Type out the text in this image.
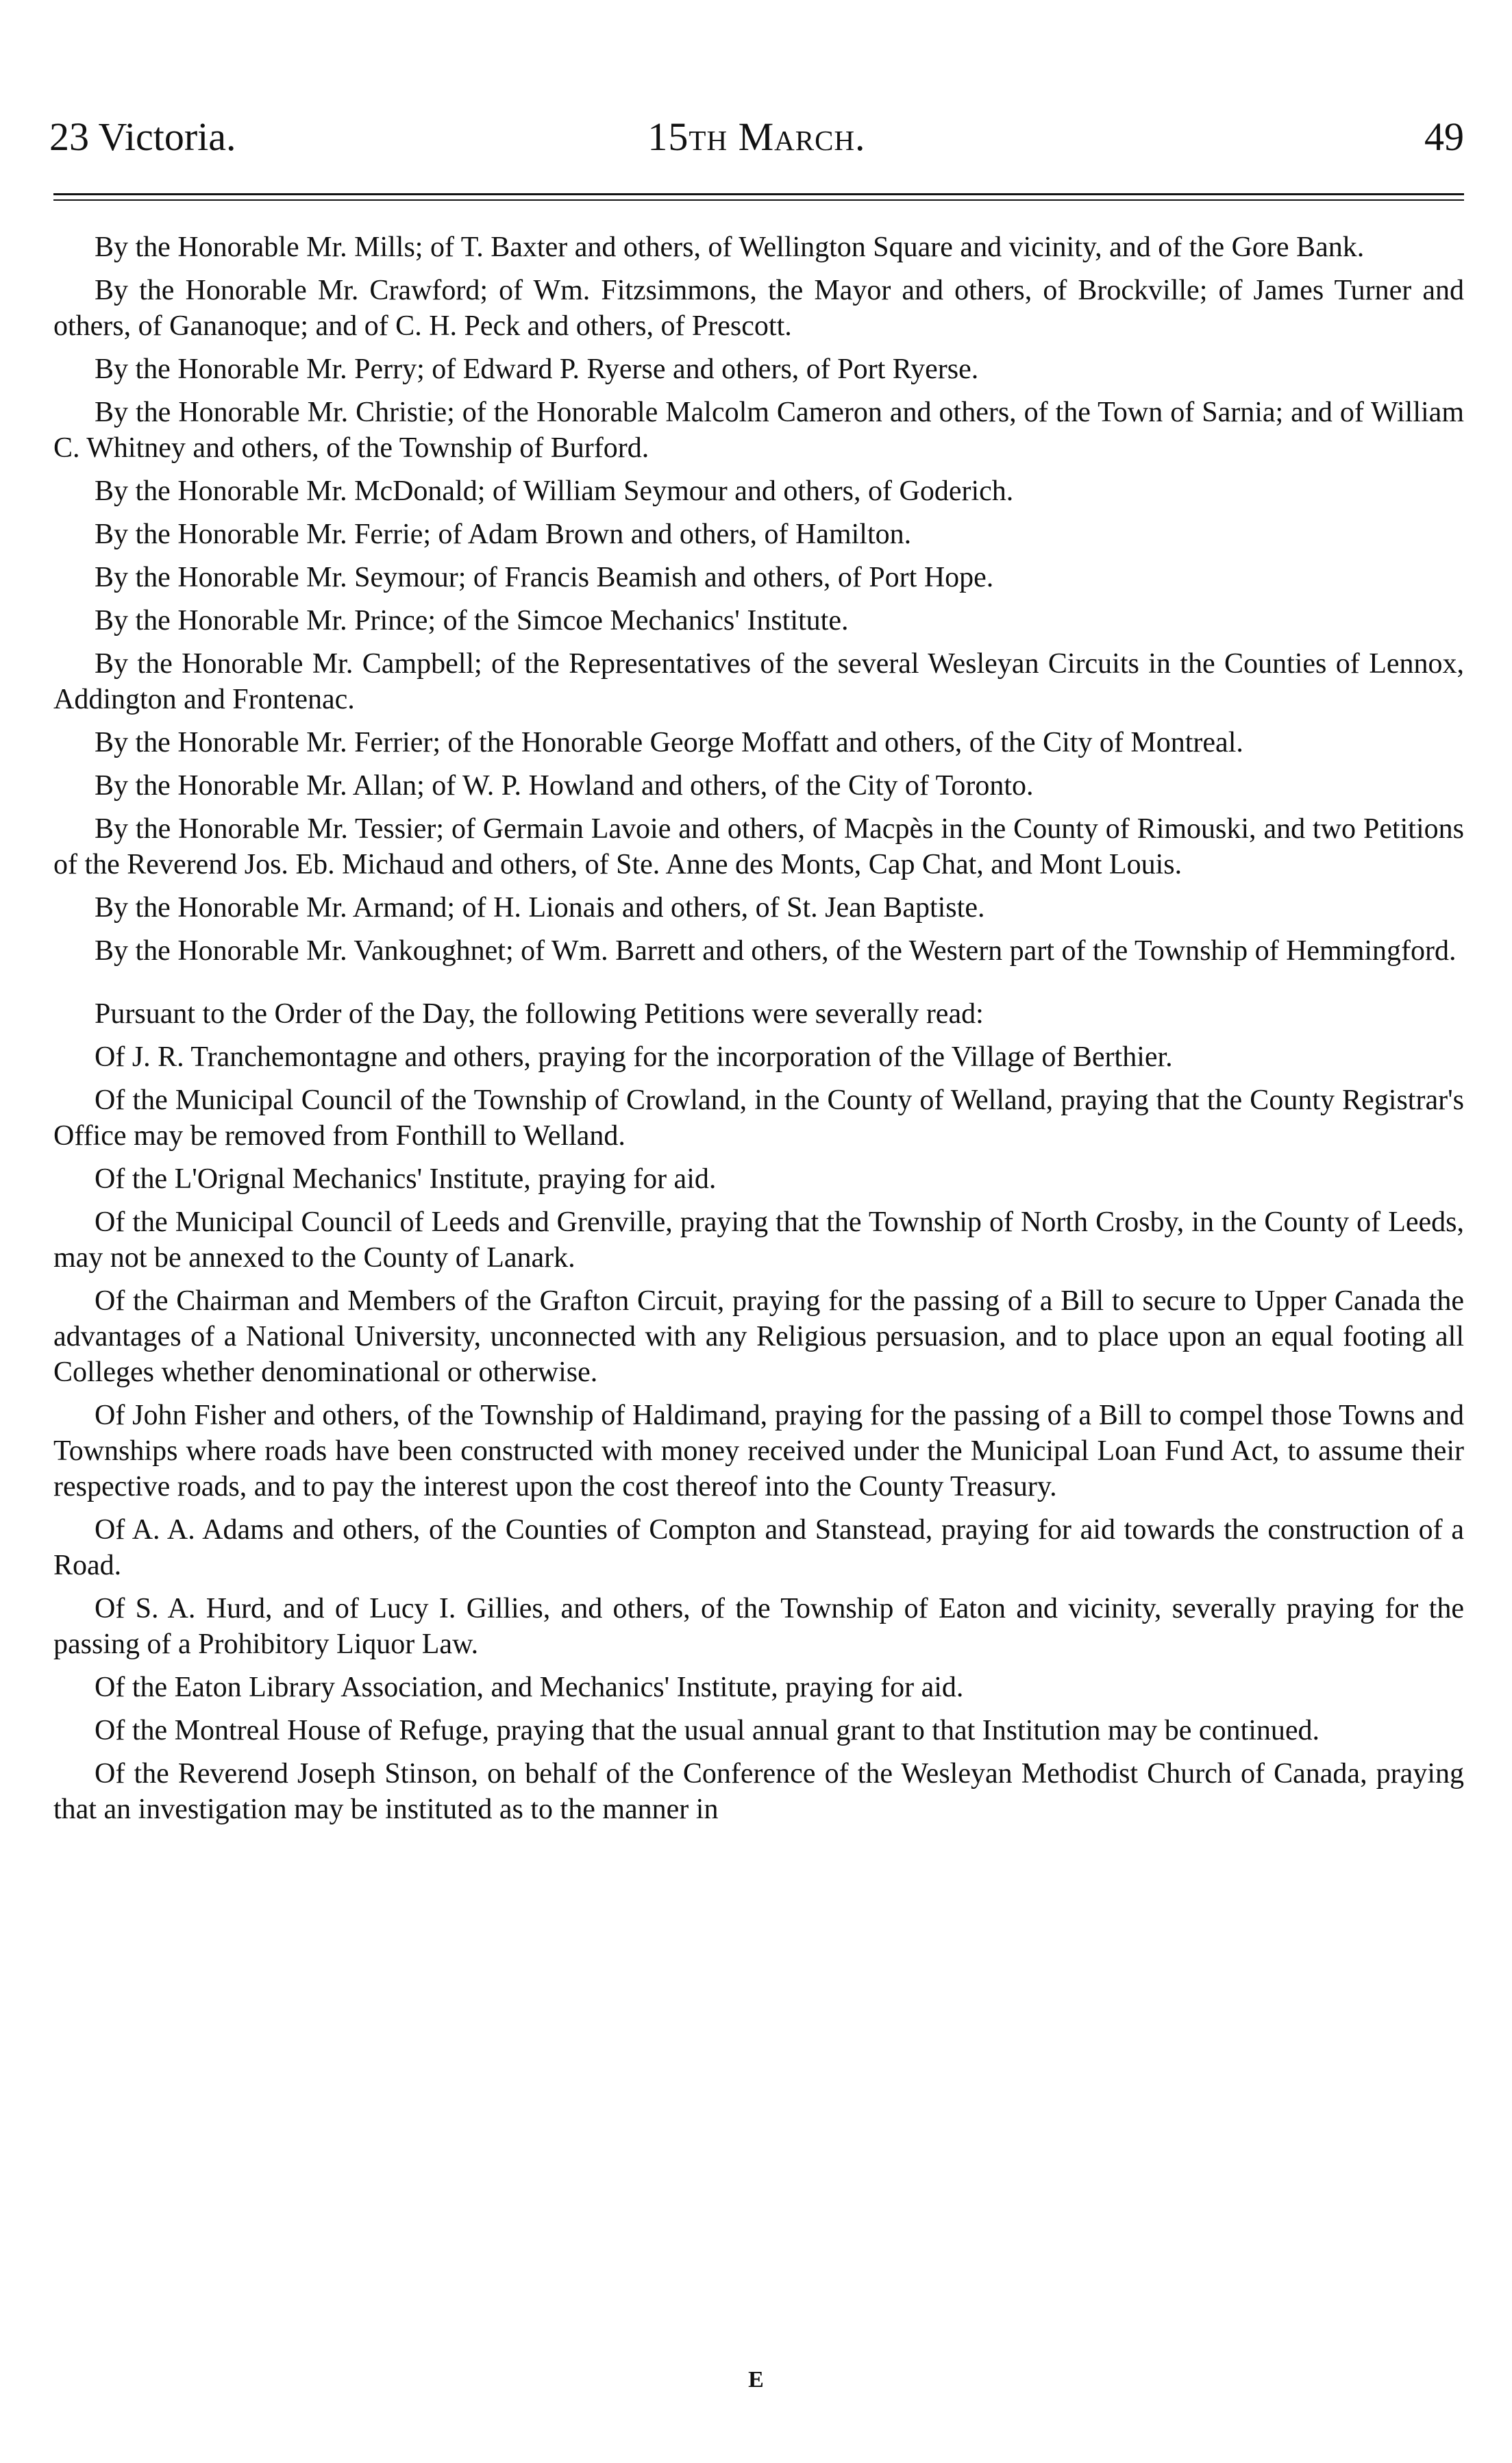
23 Victoria.	15th March.	49

By the Honorable Mr. Mills; of T. Baxter and others, of Wellington Square and vicinity, and of the Gore Bank.

By the Honorable Mr. Crawford; of Wm. Fitzsimmons, the Mayor and others, of Brockville; of James Turner and others, of Gananoque; and of C. H. Peck and others, of Prescott.

By the Honorable Mr. Perry; of Edward P. Ryerse and others, of Port Ryerse.

By the Honorable Mr. Christie; of the Honorable Malcolm Cameron and others, of the Town of Sarnia; and of William C. Whitney and others, of the Township of Burford.

By the Honorable Mr. McDonald; of William Seymour and others, of Goderich.

By the Honorable Mr. Ferrie; of Adam Brown and others, of Hamilton.

By the Honorable Mr. Seymour; of Francis Beamish and others, of Port Hope.

By the Honorable Mr. Prince; of the Simcoe Mechanics' Institute.

By the Honorable Mr. Campbell; of the Representatives of the several Wesleyan Circuits in the Counties of Lennox, Addington and Frontenac.

By the Honorable Mr. Ferrier; of the Honorable George Moffatt and others, of the City of Montreal.

By the Honorable Mr. Allan; of W. P. Howland and others, of the City of Toronto.

By the Honorable Mr. Tessier; of Germain Lavoie and others, of Macpès in the County of Rimouski, and two Petitions of the Reverend Jos. Eb. Michaud and others, of Ste. Anne des Monts, Cap Chat, and Mont Louis.

By the Honorable Mr. Armand; of H. Lionais and others, of St. Jean Baptiste.

By the Honorable Mr. Vankoughnet; of Wm. Barrett and others, of the Western part of the Township of Hemmingford.

Pursuant to the Order of the Day, the following Petitions were severally read:

Of J. R. Tranchemontagne and others, praying for the incorporation of the Village of Berthier.

Of the Municipal Council of the Township of Crowland, in the County of Welland, praying that the County Registrar's Office may be removed from Fonthill to Welland.

Of the L'Orignal Mechanics' Institute, praying for aid.

Of the Municipal Council of Leeds and Grenville, praying that the Township of North Crosby, in the County of Leeds, may not be annexed to the County of Lanark.

Of the Chairman and Members of the Grafton Circuit, praying for the passing of a Bill to secure to Upper Canada the advantages of a National University, unconnected with any Religious persuasion, and to place upon an equal footing all Colleges whether denominational or otherwise.

Of John Fisher and others, of the Township of Haldimand, praying for the passing of a Bill to compel those Towns and Townships where roads have been constructed with money received under the Municipal Loan Fund Act, to assume their respective roads, and to pay the interest upon the cost thereof into the County Treasury.

Of A. A. Adams and others, of the Counties of Compton and Stanstead, praying for aid towards the construction of a Road.

Of S. A. Hurd, and of Lucy I. Gillies, and others, of the Township of Eaton and vicinity, severally praying for the passing of a Prohibitory Liquor Law.

Of the Eaton Library Association, and Mechanics' Institute, praying for aid.

Of the Montreal House of Refuge, praying that the usual annual grant to that Institution may be continued.

Of the Reverend Joseph Stinson, on behalf of the Conference of the Wesleyan Methodist Church of Canada, praying that an investigation may be instituted as to the manner in

E
